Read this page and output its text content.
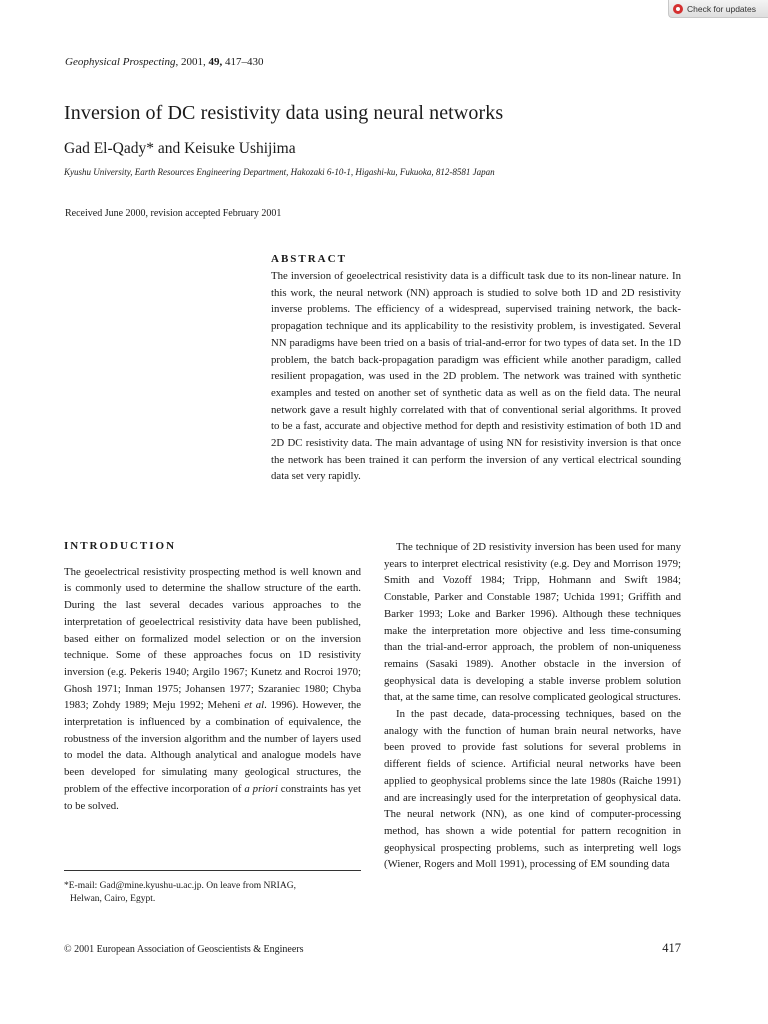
Check for updates
Geophysical Prospecting, 2001, 49, 417–430
Inversion of DC resistivity data using neural networks
Gad El-Qady* and Keisuke Ushijima
Kyushu University, Earth Resources Engineering Department, Hakozaki 6-10-1, Higashi-ku, Fukuoka, 812-8581 Japan
Received June 2000, revision accepted February 2001
ABSTRACT

The inversion of geoelectrical resistivity data is a difficult task due to its non-linear nature. In this work, the neural network (NN) approach is studied to solve both 1D and 2D resistivity inverse problems. The efficiency of a widespread, supervised training network, the back-propagation technique and its applicability to the resistivity problem, is investigated. Several NN paradigms have been tried on a basis of trial-and-error for two types of data set. In the 1D problem, the batch back-propagation paradigm was efficient while another paradigm, called resilient propagation, was used in the 2D problem. The network was trained with synthetic examples and tested on another set of synthetic data as well as on the field data. The neural network gave a result highly correlated with that of conventional serial algorithms. It proved to be a fast, accurate and objective method for depth and resistivity estimation of both 1D and 2D DC resistivity data. The main advantage of using NN for resistivity inversion is that once the network has been trained it can perform the inversion of any vertical electrical sounding data set very rapidly.

INTRODUCTION

The geoelectrical resistivity prospecting method is well known and is commonly used to determine the shallow structure of the earth. During the last several decades various approaches to the interpretation of geoelectrical resistivity data have been published, based either on formalized model selection or on the inversion technique. Some of these approaches focus on 1D resistivity inversion (e.g. Pekeris 1940; Argilo 1967; Kunetz and Rocroi 1970; Ghosh 1971; Inman 1975; Johansen 1977; Szaraniec 1980; Chyba 1983; Zohdy 1989; Meju 1992; Meheni et al. 1996). However, the interpretation is influenced by a combination of equivalence, the robustness of the inversion algorithm and the number of layers used to model the data. Although analytical and analogue models have been developed for simulating many geological structures, the problem of the effective incorporation of a priori constraints has yet to be solved.

The technique of 2D resistivity inversion has been used for many years to interpret electrical resistivity (e.g. Dey and Morrison 1979; Smith and Vozoff 1984; Tripp, Hohmann and Swift 1984; Constable, Parker and Constable 1987; Uchida 1991; Griffith and Barker 1993; Loke and Barker 1996). Although these techniques make the interpretation more objective and less time-consuming than the trial-and-error approach, the problem of non-uniqueness remains (Sasaki 1989). Another obstacle in the inversion of geophysical data is developing a stable inverse problem solution that, at the same time, can resolve complicated geological structures.

In the past decade, data-processing techniques, based on the analogy with the function of human brain neural networks, have been proved to provide fast solutions for several problems in different fields of science. Artificial neural networks have been applied to geophysical problems since the late 1980s (Raiche 1991) and are increasingly used for the interpretation of geophysical data. The neural network (NN), as one kind of computer-processing method, has shown a wide potential for pattern recognition in geophysical prospecting problems, such as interpreting well logs (Wiener, Rogers and Moll 1991), processing of EM sounding data

*E-mail: Gad@mine.kyushu-u.ac.jp. On leave from NRIAG,
Helwan, Cairo, Egypt.
© 2001 European Association of Geoscientists & Engineers	417
